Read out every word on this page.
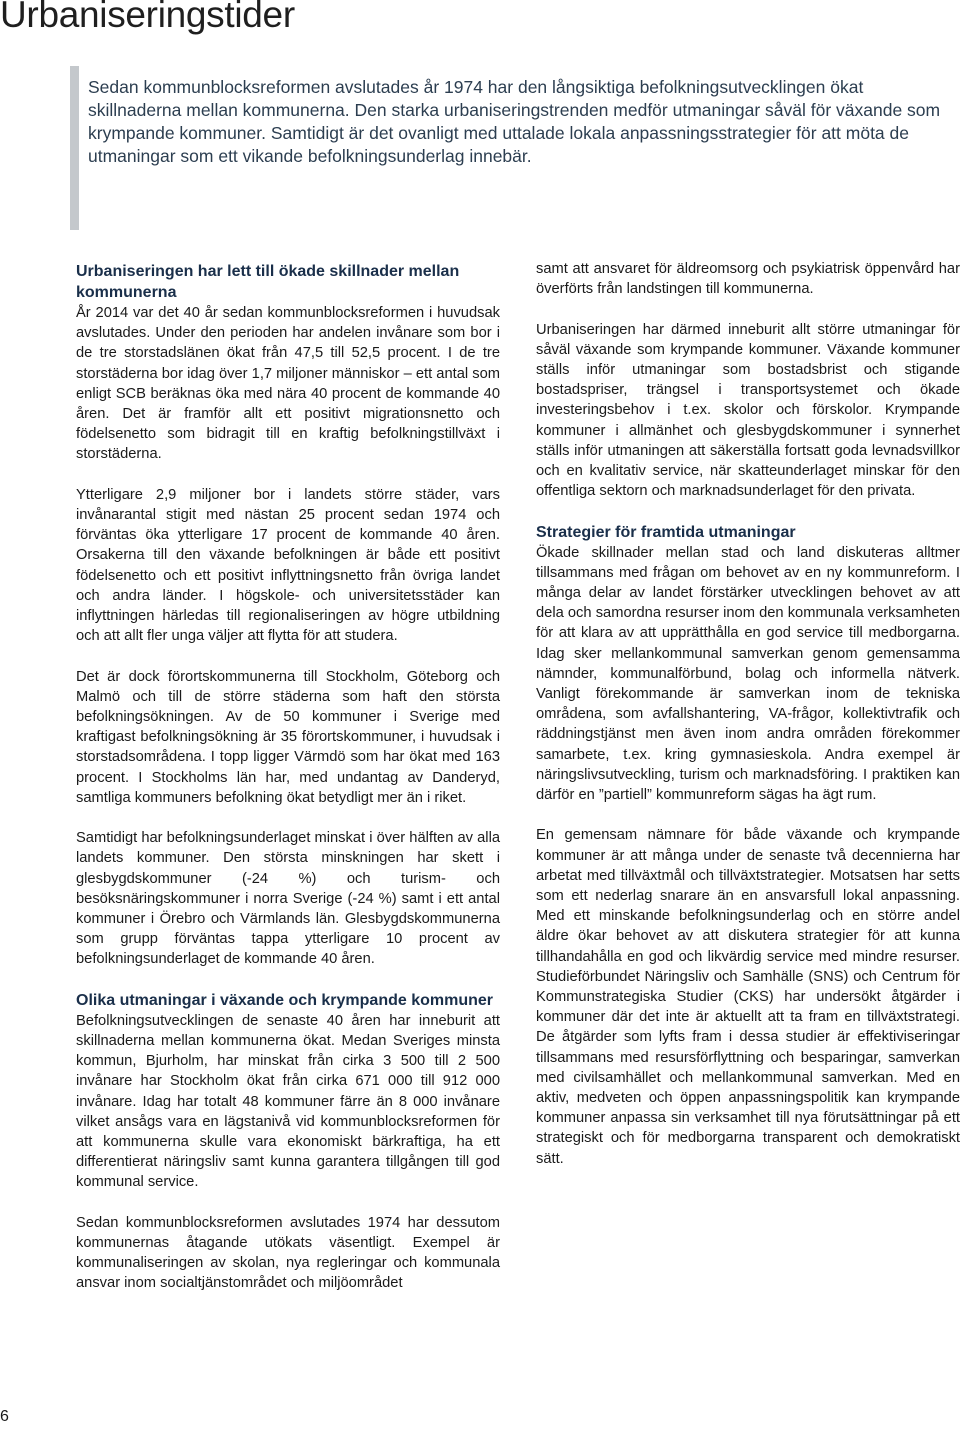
Urbaniseringstider

Sedan kommunblocksreformen avslutades år 1974 har den långsiktiga befolkningsutvecklingen ökat skillnaderna mellan kommunerna. Den starka urbaniseringstrenden medför utmaningar såväl för växande som krympande kommuner. Samtidigt är det ovanligt med uttalade lokala anpassningsstrategier för att möta de utmaningar som ett vikande befolkningsunderlag innebär.

Urbaniseringen har lett till ökade skillnader mellan kommunerna

År 2014 var det 40 år sedan kommunblocksreformen i huvudsak avslutades. Under den perioden har andelen invånare som bor i de tre storstadslänen ökat från 47,5 till 52,5 procent. I de tre storstäderna bor idag över 1,7 miljoner människor – ett antal som enligt SCB beräknas öka med nära 40 procent de kommande 40 åren. Det är framför allt ett positivt migrationsnetto och födelsenetto som bidragit till en kraftig befolkningstillväxt i storstäderna.

Ytterligare 2,9 miljoner bor i landets större städer, vars invånarantal stigit med nästan 25 procent sedan 1974 och förväntas öka ytterligare 17 procent de kommande 40 åren. Orsakerna till den växande befolkningen är både ett positivt födelsenetto och ett positivt inflyttningsnetto från övriga landet och andra länder. I högskole- och universitetsstäder kan inflyttningen härledas till regionaliseringen av högre utbildning och att allt fler unga väljer att flytta för att studera.

Det är dock förortskommunerna till Stockholm, Göteborg och Malmö och till de större städerna som haft den största befolkningsökningen. Av de 50 kommuner i Sverige med kraftigast befolkningsökning är 35 förortskommuner, i huvudsak i storstadsområdena. I topp ligger Värmdö som har ökat med 163 procent. I Stockholms län har, med undantag av Danderyd, samtliga kommuners befolkning ökat betydligt mer än i riket.

Samtidigt har befolkningsunderlaget minskat i över hälften av alla landets kommuner. Den största minskningen har skett i glesbygdskommuner (-24 %) och turism- och besöksnäringskommuner i norra Sverige (-24 %) samt i ett antal kommuner i Örebro och Värmlands län. Glesbygdskommunerna som grupp förväntas tappa ytterligare 10 procent av befolkningsunderlaget de kommande 40 åren.

Olika utmaningar i växande och krympande kommuner

Befolkningsutvecklingen de senaste 40 åren har inneburit att skillnaderna mellan kommunerna ökat. Medan Sveriges minsta kommun, Bjurholm, har minskat från cirka 3 500 till 2 500 invånare har Stockholm ökat från cirka 671 000 till 912 000 invånare. Idag har totalt 48 kommuner färre än 8 000 invånare vilket ansågs vara en lägstanivå vid kommunblocksreformen för att kommunerna skulle vara ekonomiskt bärkraftiga, ha ett differentierat näringsliv samt kunna garantera tillgången till god kommunal service.

Sedan kommunblocksreformen avslutades 1974 har dessutom kommunernas åtagande utökats väsentligt. Exempel är kommunaliseringen av skolan, nya regleringar och kommunala ansvar inom socialtjänstområdet och miljöområdet

samt att ansvaret för äldreomsorg och psykiatrisk öppenvård har överförts från landstingen till kommunerna.

Urbaniseringen har därmed inneburit allt större utmaningar för såväl växande som krympande kommuner. Växande kommuner ställs inför utmaningar som bostadsbrist och stigande bostadspriser, trängsel i transportsystemet och ökade investeringsbehov i t.ex. skolor och förskolor. Krympande kommuner i allmänhet och glesbygdskommuner i synnerhet ställs inför utmaningen att säkerställa fortsatt goda levnadsvillkor och en kvalitativ service, när skatteunderlaget minskar för den offentliga sektorn och marknadsunderlaget för den privata.

Strategier för framtida utmaningar

Ökade skillnader mellan stad och land diskuteras alltmer tillsammans med frågan om behovet av en ny kommunreform. I många delar av landet förstärker utvecklingen behovet av att dela och samordna resurser inom den kommunala verksamheten för att klara av att upprätthålla en god service till medborgarna. Idag sker mellankommunal samverkan genom gemensamma nämnder, kommunalförbund, bolag och informella nätverk. Vanligt förekommande är samverkan inom de tekniska områdena, som avfallshantering, VA-frågor, kollektivtrafik och räddningstjänst men även inom andra områden förekommer samarbete, t.ex. kring gymnasieskola. Andra exempel är näringslivsutveckling, turism och marknadsföring. I praktiken kan därför en ”partiell” kommunreform sägas ha ägt rum.

En gemensam nämnare för både växande och krympande kommuner är att många under de senaste två decennierna har arbetat med tillväxtmål och tillväxtstrategier. Motsatsen har setts som ett nederlag snarare än en ansvarsfull lokal anpassning. Med ett minskande befolkningsunderlag och en större andel äldre ökar behovet av att diskutera strategier för att kunna tillhandahålla en god och likvärdig service med mindre resurser. Studieförbundet Näringsliv och Samhälle (SNS) och Centrum för Kommunstrategiska Studier (CKS) har undersökt åtgärder i kommuner där det inte är aktuellt att ta fram en tillväxtstrategi. De åtgärder som lyfts fram i dessa studier är effektiviseringar tillsammans med resursförflyttning och besparingar, samverkan med civilsamhället och mellankommunal samverkan. Med en aktiv, medveten och öppen anpassningspolitik kan krympande kommuner anpassa sin verksamhet till nya förutsättningar på ett strategiskt och för medborgarna transparent och demokratiskt sätt.

6
